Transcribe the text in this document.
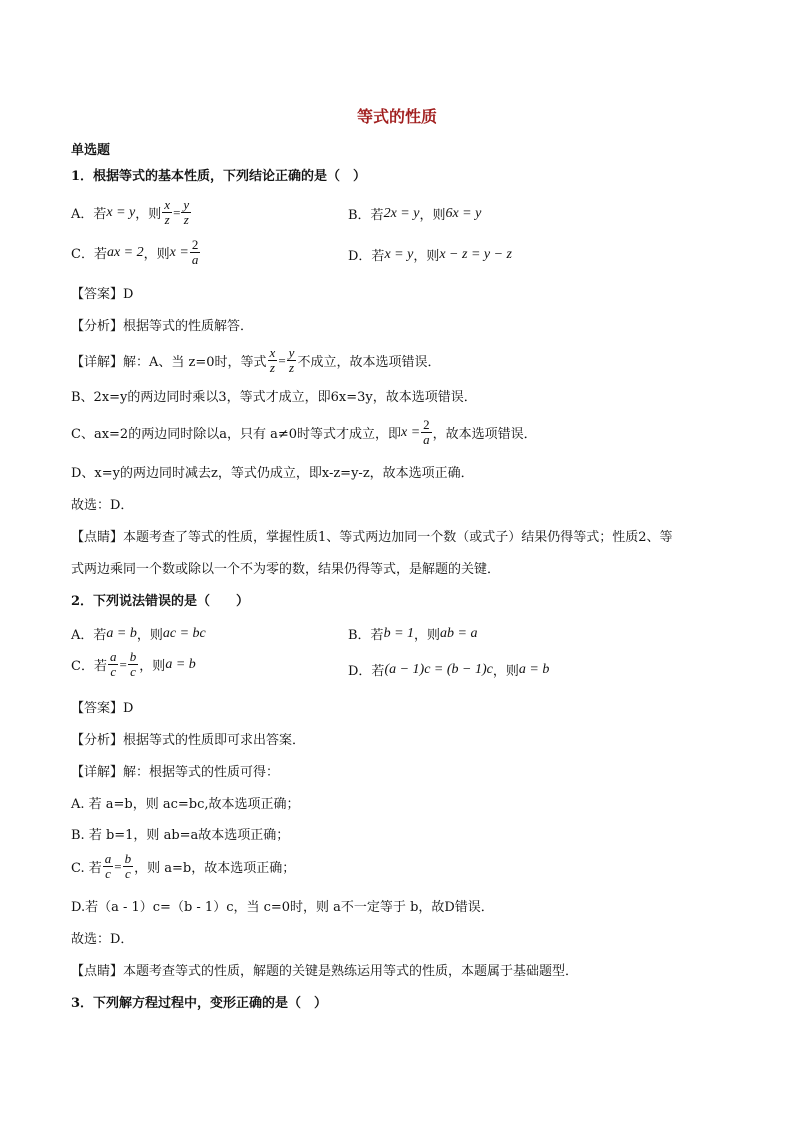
等式的性质
单选题
1．根据等式的基本性质，下列结论正确的是（　）
A．若 x = y ，则 $\frac{x}{z} = \frac{y}{z}$	B．若 2x = y ，则 6x = y
C．若 ax = 2 ，则 $x = \frac{2}{a}$	D．若 x = y ，则 x − z = y − z
【答案】D
【分析】根据等式的性质解答．
【详解】解：A、当 z=0时，等式 $\frac{x}{z} = \frac{y}{z}$ 不成立，故本选项错误．
B、2x=y的两边同时乘以3，等式才成立，即6x=3y，故本选项错误．
C、ax=2的两边同时除以a，只有 a≠0时等式才成立，即 $x = \frac{2}{a}$ ，故本选项错误．
D、x=y的两边同时减去z，等式仍成立，即x-z=y-z，故本选项正确．
故选：D．
【点睛】本题考查了等式的性质，掌握性质1、等式两边加同一个数（或式子）结果仍得等式；性质2、等
式两边乘同一个数或除以一个不为零的数，结果仍得等式，是解题的关键．
2．下列说法错误的是（　　）
A．若 a = b ，则 ac = bc	B．若 b = 1 ，则 ab = a
C．若 $\frac{a}{c} = \frac{b}{c}$ ，则 a = b	D．若 (a − 1)c = (b − 1)c ，则 a = b
【答案】D
【分析】根据等式的性质即可求出答案．
【详解】解：根据等式的性质可得：
A. 若 a=b，则 ac=bc,故本选项正确；
B. 若 b=1，则 ab=a故本选项正确；
C. 若 $\frac{a}{c} = \frac{b}{c}$ ，则 a=b，故本选项正确；
D.若（a - 1）c=（b - 1）c，当 c=0时，则 a不一定等于 b，故D错误．
故选：D．
【点睛】本题考查等式的性质，解题的关键是熟练运用等式的性质，本题属于基础题型．
3．下列解方程过程中，变形正确的是（　）
